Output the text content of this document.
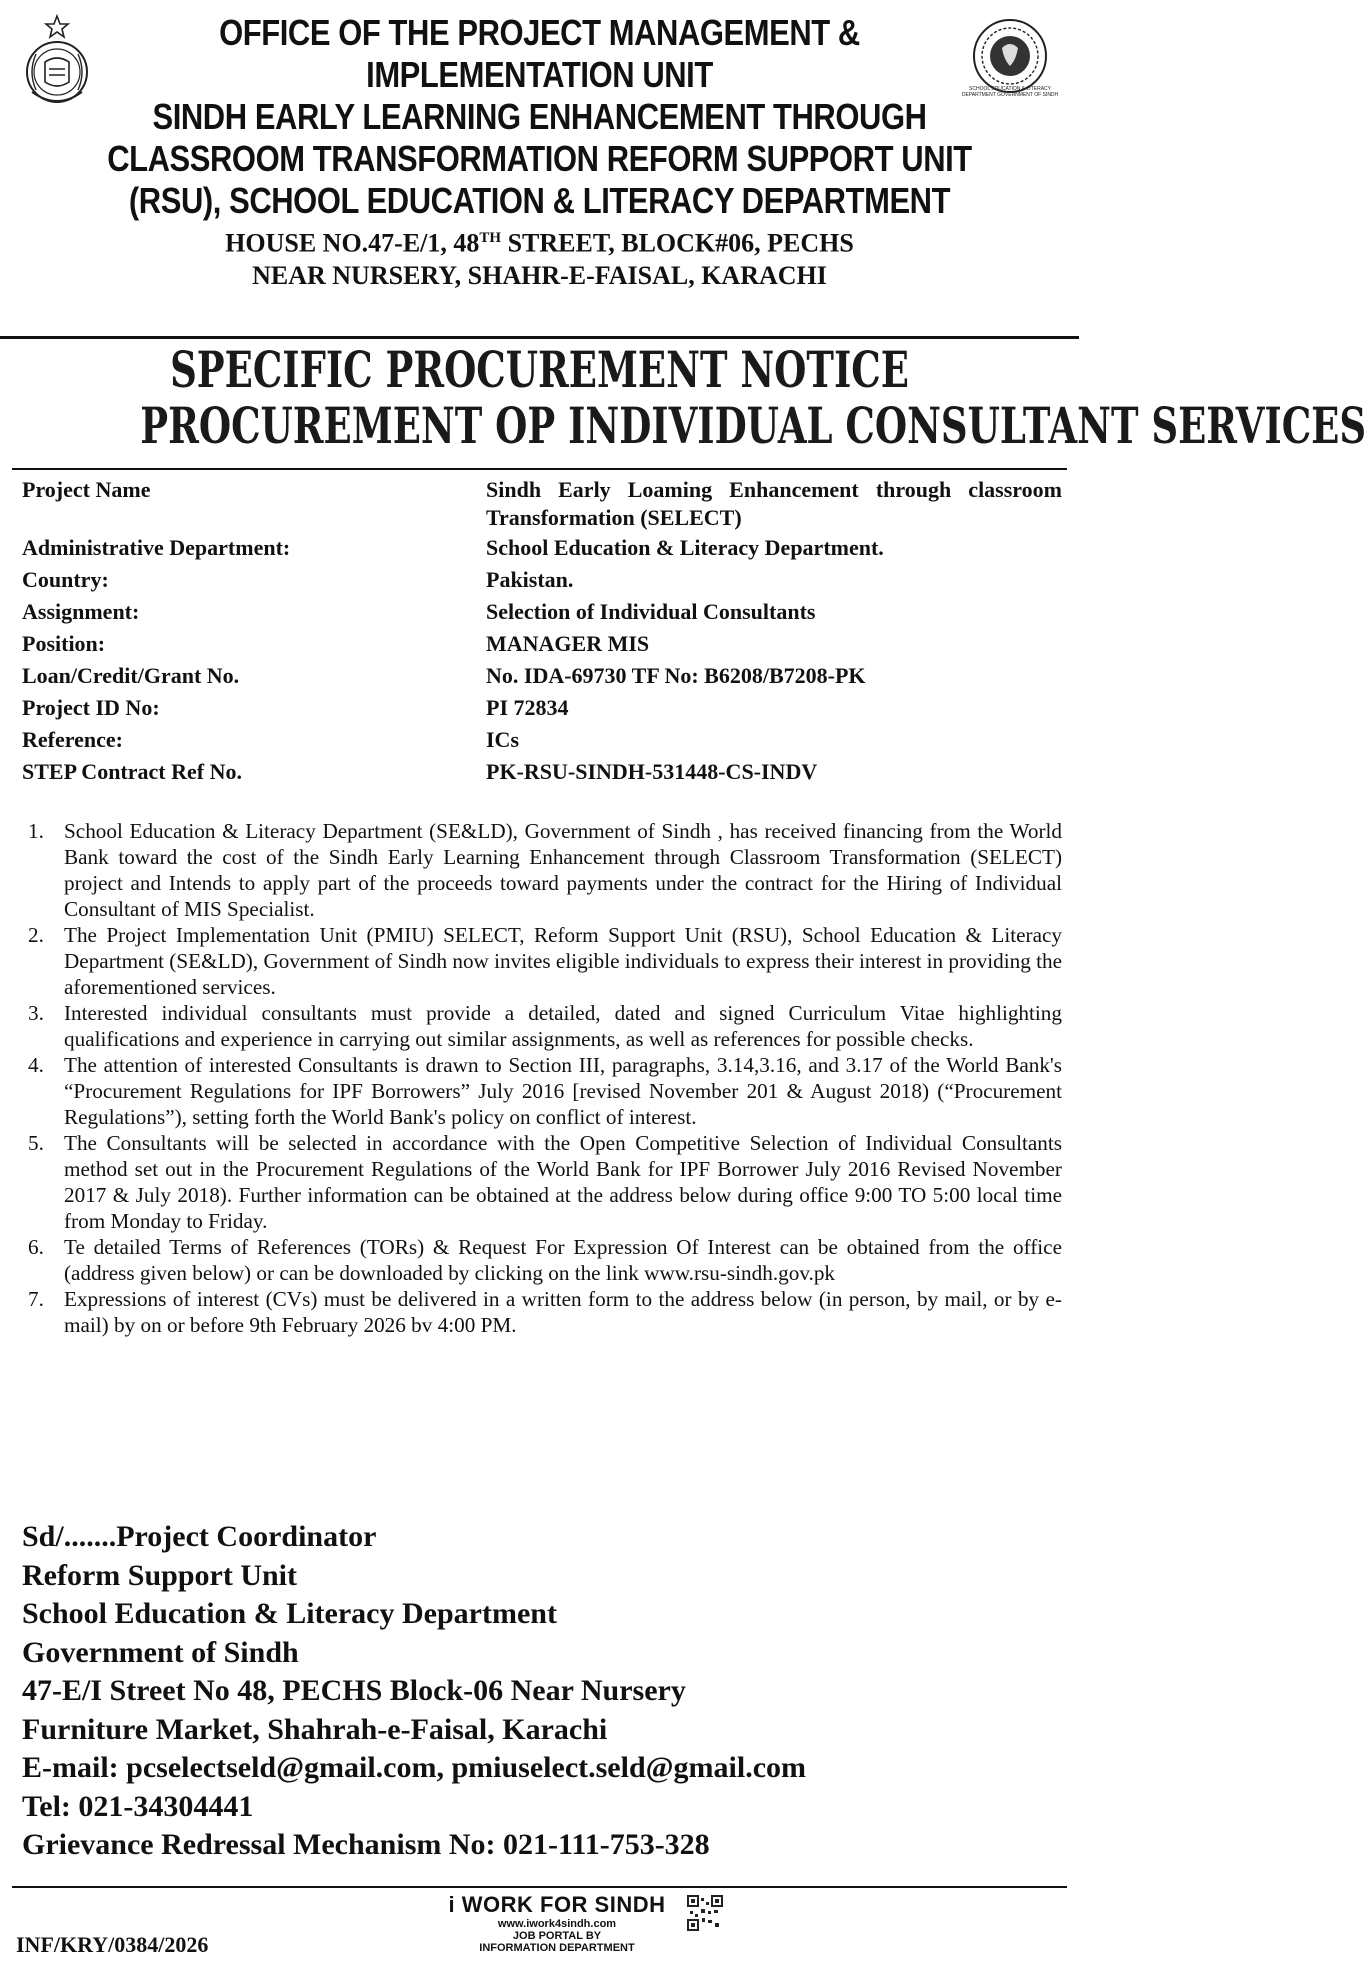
SCHOOL EDUCATION & LITERACY DEPARTMENT GOVERNMENT OF SINDH
OFFICE OF THE PROJECT MANAGEMENT &
IMPLEMENTATION UNIT
SINDH EARLY LEARNING ENHANCEMENT THROUGH
CLASSROOM TRANSFORMATION REFORM SUPPORT UNIT
(RSU), SCHOOL EDUCATION & LITERACY DEPARTMENT
HOUSE NO.47-E/1, 48TH STREET, BLOCK#06, PECHS
NEAR NURSERY, SHAHR-E-FAISAL, KARACHI
SPECIFIC PROCUREMENT NOTICE
PROCUREMENT OP INDIVIDUAL CONSULTANT SERVICES
Project Name	Sindh Early Loaming Enhancement through classroom Transformation (SELECT)
Administrative Department:	School Education & Literacy Department.
Country:	Pakistan.
Assignment:	Selection of Individual Consultants
Position:	MANAGER MIS
Loan/Credit/Grant No.	No. IDA-69730 TF No: B6208/B7208-PK
Project ID No:	PI 72834
Reference:	ICs
STEP Contract Ref No.	PK-RSU-SINDH-531448-CS-INDV
1. School Education & Literacy Department (SE&LD), Government of Sindh , has received financing from the World Bank toward the cost of the Sindh Early Learning Enhancement through Classroom Transformation (SELECT) project and Intends to apply part of the proceeds toward payments under the contract for the Hiring of Individual Consultant of MIS Specialist.
2. The Project Implementation Unit (PMIU) SELECT, Reform Support Unit (RSU), School Education & Literacy Department (SE&LD), Government of Sindh now invites eligible individuals to express their interest in providing the aforementioned services.
3. Interested individual consultants must provide a detailed, dated and signed Curriculum Vitae highlighting qualifications and experience in carrying out similar assignments, as well as references for possible checks.
4. The attention of interested Consultants is drawn to Section III, paragraphs, 3.14,3.16, and 3.17 of the World Bank's “Procurement Regulations for IPF Borrowers” July 2016 [revised November 201 & August 2018) (“Procurement Regulations”), setting forth the World Bank's policy on conflict of interest.
5. The Consultants will be selected in accordance with the Open Competitive Selection of Individual Consultants method set out in the Procurement Regulations of the World Bank for IPF Borrower July 2016 Revised November 2017 & July 2018). Further information can be obtained at the address below during office 9:00 TO 5:00 local time from Monday to Friday.
6. Te detailed Terms of References (TORs) & Request For Expression Of Interest can be obtained from the office (address given below) or can be downloaded by clicking on the link www.rsu-sindh.gov.pk
7. Expressions of interest (CVs) must be delivered in a written form to the address below (in person, by mail, or by e-mail) by on or before 9th February 2026 bv 4:00 PM.
Sd/.......Project Coordinator
Reform Support Unit
School Education & Literacy Department
Government of Sindh
47-E/I Street No 48, PECHS Block-06 Near Nursery
Furniture Market, Shahrah-e-Faisal, Karachi
E-mail: pcselectseld@gmail.com, pmiuselect.seld@gmail.com
Tel: 021-34304441
Grievance Redressal Mechanism No: 021-111-753-328
INF/KRY/0384/2026
i WORK FOR SINDH
www.iwork4sindh.com
JOB PORTAL BY
INFORMATION DEPARTMENT
